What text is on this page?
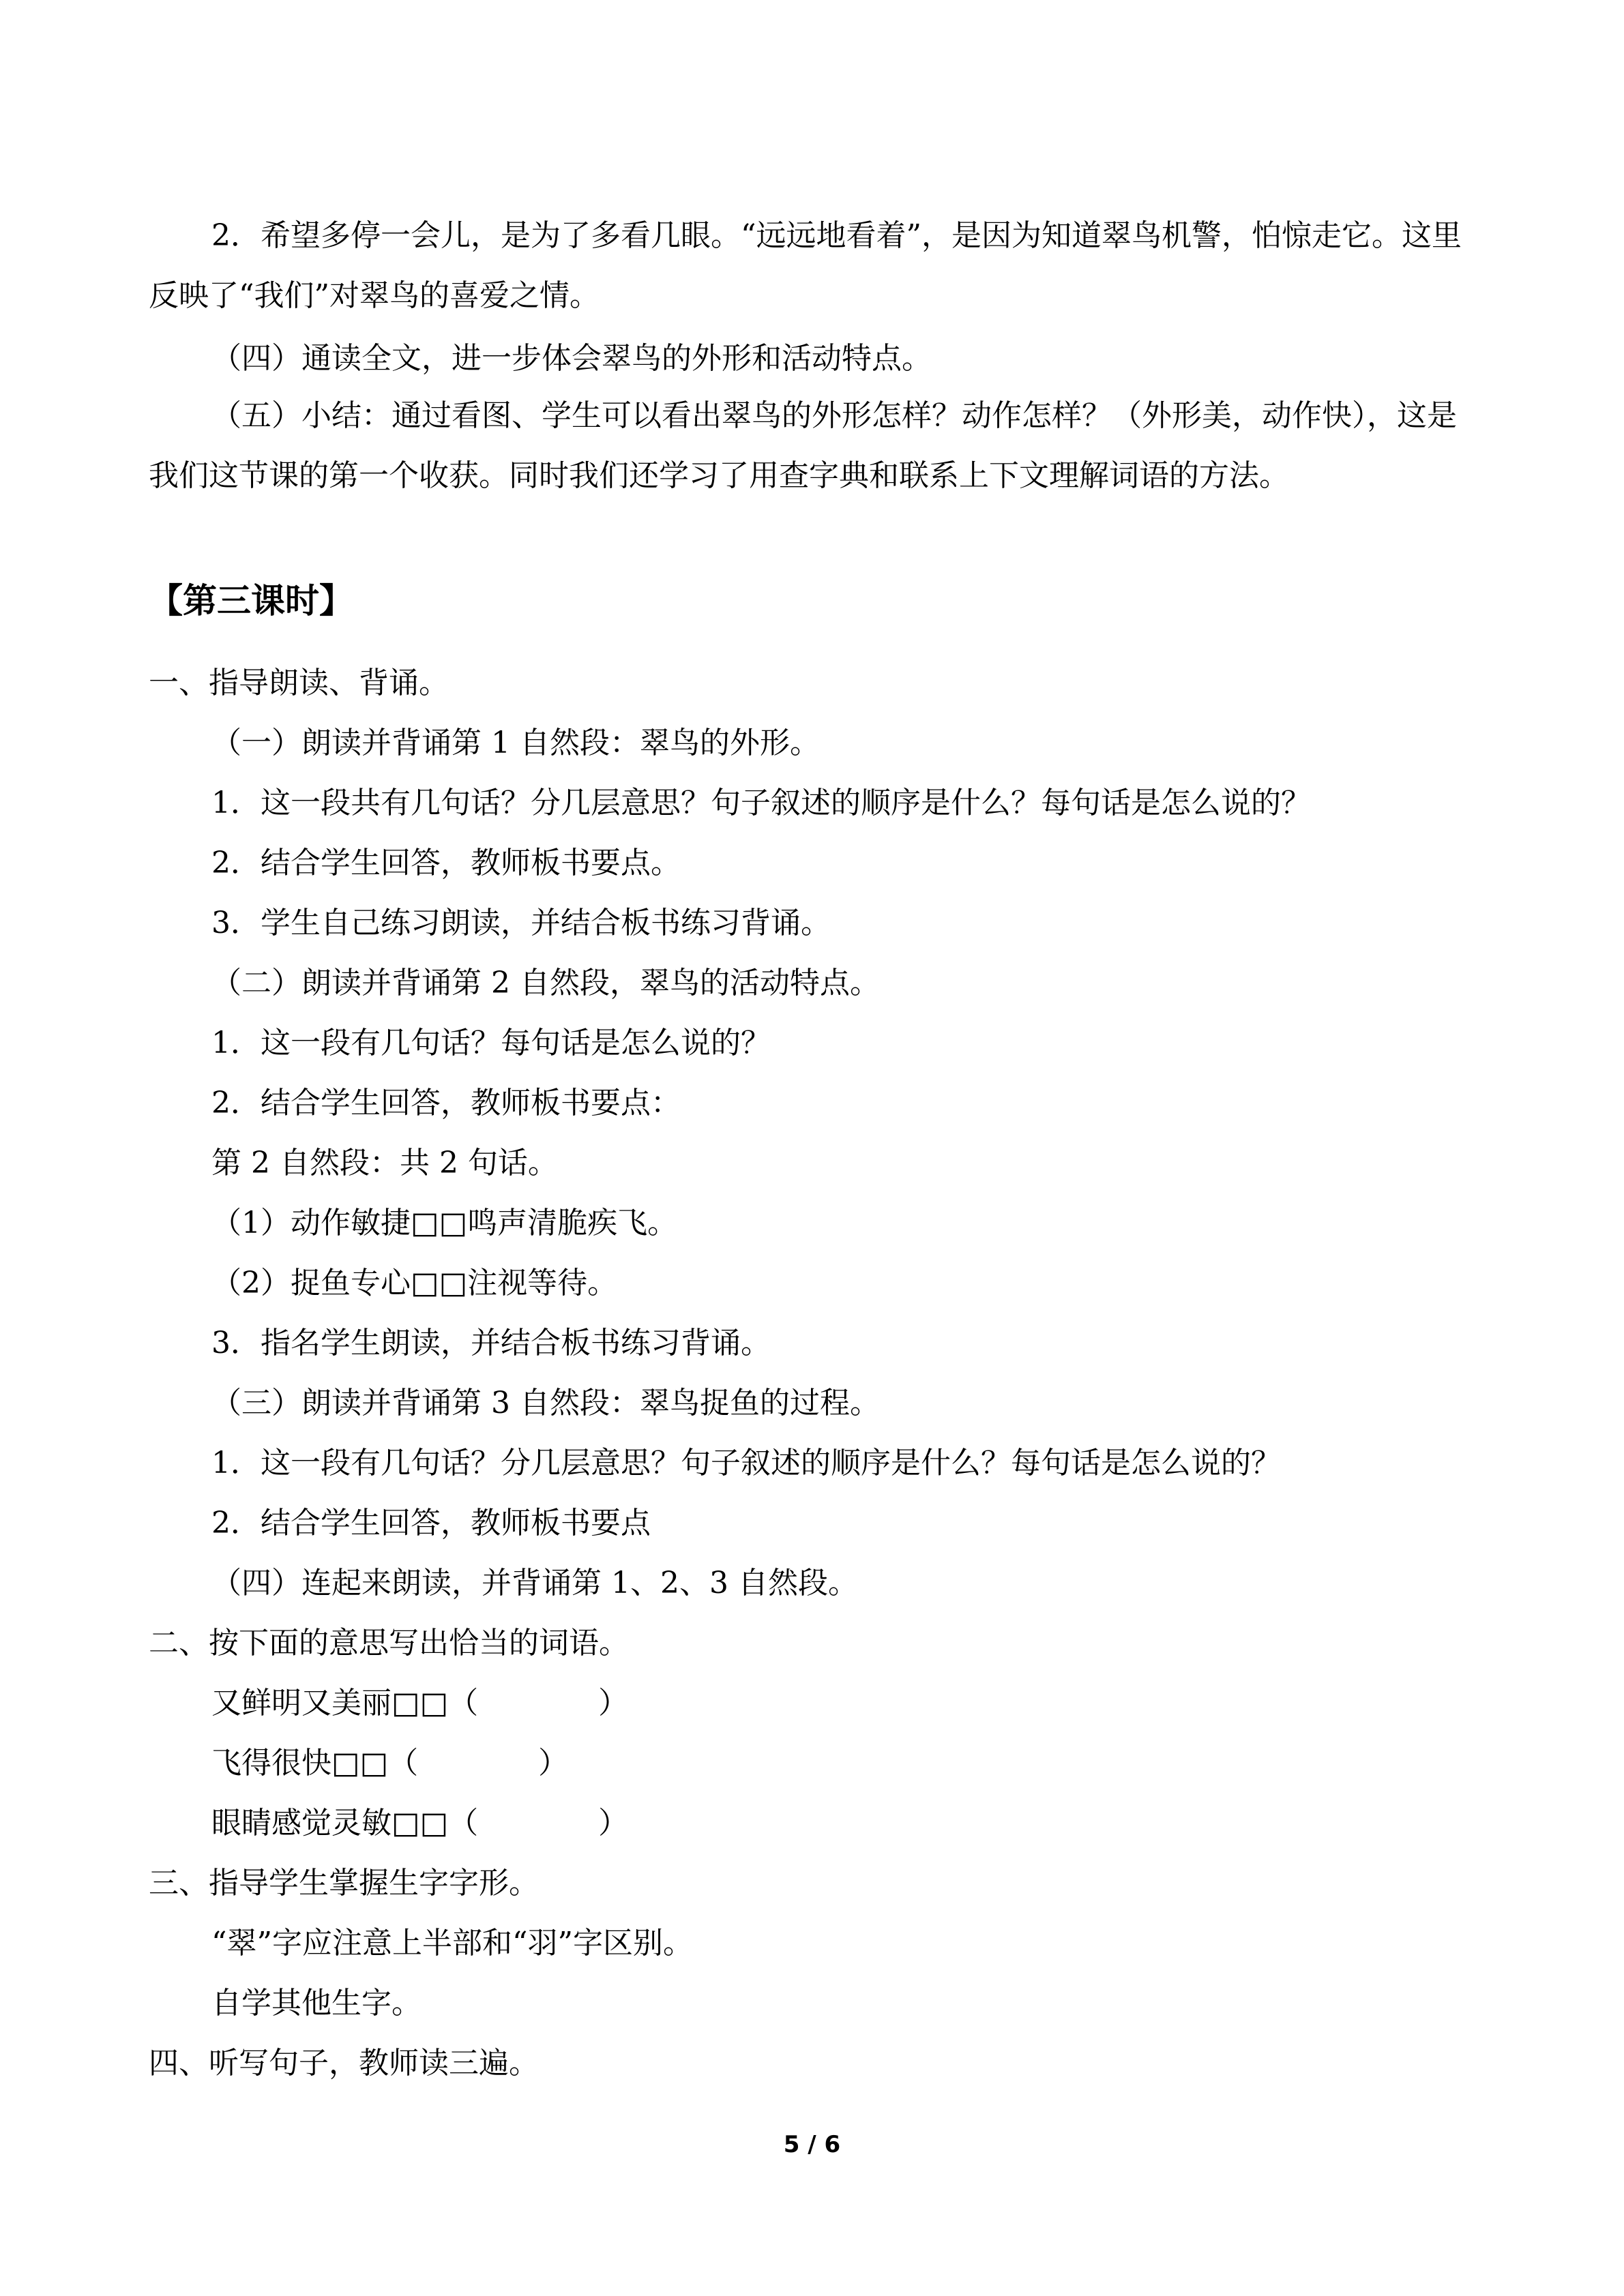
2．希望多停一会儿，是为了多看几眼。“远远地看着”，是因为知道翠鸟机警，怕惊走它。这里反映了“我们”对翠鸟的喜爱之情。
（四）通读全文，进一步体会翠鸟的外形和活动特点。
（五）小结：通过看图、学生可以看出翠鸟的外形怎样？动作怎样？（外形美，动作快），这是我们这节课的第一个收获。同时我们还学习了用查字典和联系上下文理解词语的方法。
【第三课时】
一、指导朗读、背诵。
（一）朗读并背诵第 1 自然段：翠鸟的外形。
1．这一段共有几句话？分几层意思？句子叙述的顺序是什么？每句话是怎么说的？
2．结合学生回答，教师板书要点。
3．学生自己练习朗读，并结合板书练习背诵。
（二）朗读并背诵第 2 自然段，翠鸟的活动特点。
1．这一段有几句话？每句话是怎么说的？
2．结合学生回答，教师板书要点：
第 2 自然段：共 2 句话。
（1）动作敏捷□□鸣声清脆疾飞。
（2）捉鱼专心□□注视等待。
3．指名学生朗读，并结合板书练习背诵。
（三）朗读并背诵第 3 自然段：翠鸟捉鱼的过程。
1．这一段有几句话？分几层意思？句子叙述的顺序是什么？每句话是怎么说的？
2．结合学生回答，教师板书要点
（四）连起来朗读，并背诵第 1、2、3 自然段。
二、按下面的意思写出恰当的词语。
又鲜明又美丽□□（　　　　）
飞得很快□□（　　　　）
眼睛感觉灵敏□□（　　　　）
三、指导学生掌握生字字形。
“翠”字应注意上半部和“羽”字区别。
自学其他生字。
四、听写句子，教师读三遍。
5 / 6
